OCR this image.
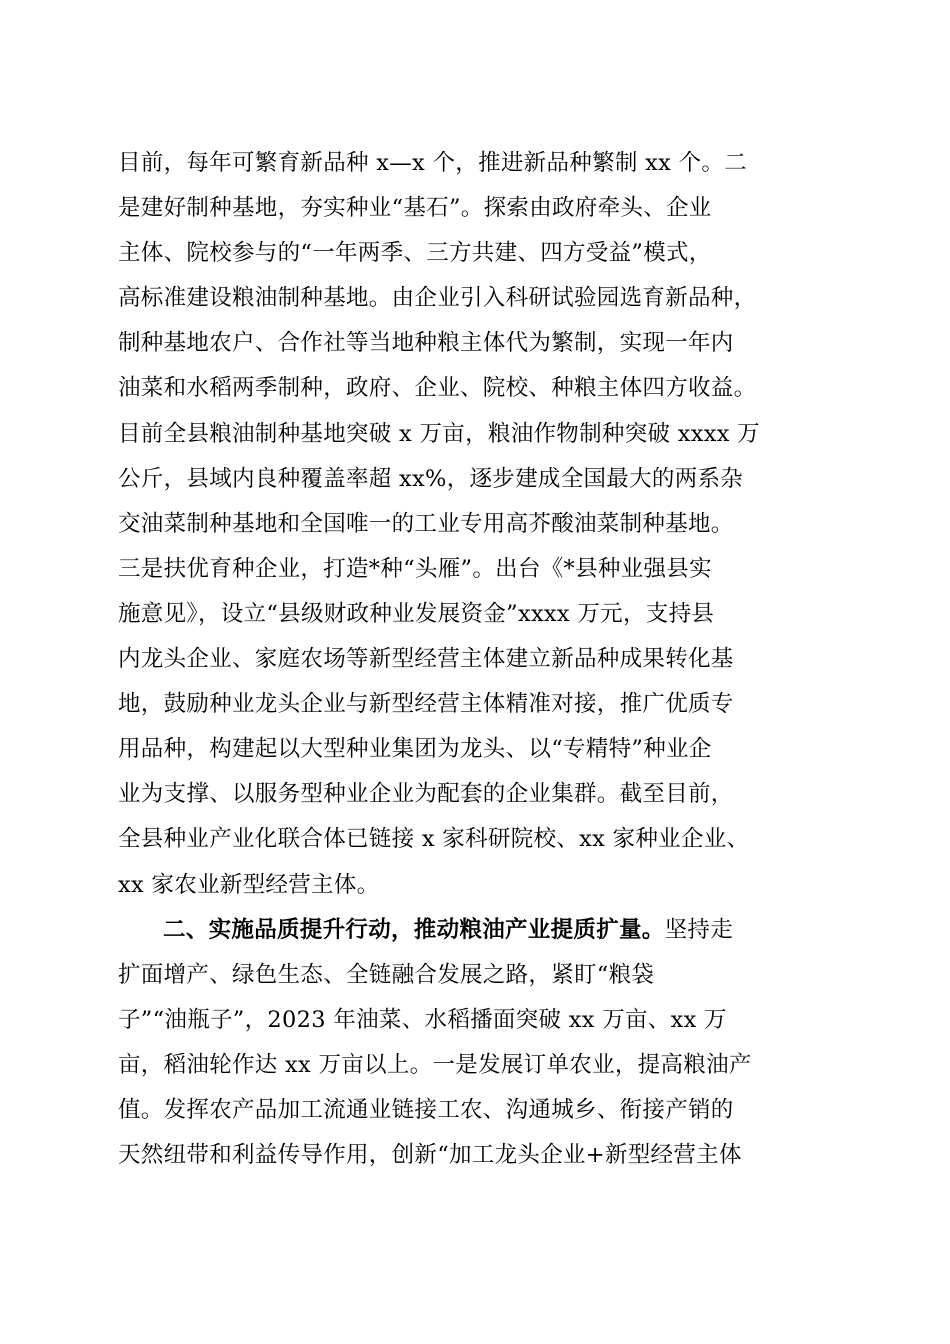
目前，每年可繁育新品种 x—x 个，推进新品种繁制 xx 个。二
是建好制种基地，夯实种业“基石”。探索由政府牵头、企业
主体、院校参与的“一年两季、三方共建、四方受益”模式，
高标准建设粮油制种基地。由企业引入科研试验园选育新品种，
制种基地农户、合作社等当地种粮主体代为繁制，实现一年内
油菜和水稻两季制种，政府、企业、院校、种粮主体四方收益。
目前全县粮油制种基地突破 x 万亩，粮油作物制种突破 xxxx 万
公斤，县域内良种覆盖率超 xx%，逐步建成全国最大的两系杂
交油菜制种基地和全国唯一的工业专用高芥酸油菜制种基地。
三是扶优育种企业，打造*种“头雁”。出台《*县种业强县实
施意见》，设立“县级财政种业发展资金”xxxx 万元，支持县
内龙头企业、家庭农场等新型经营主体建立新品种成果转化基
地，鼓励种业龙头企业与新型经营主体精准对接，推广优质专
用品种，构建起以大型种业集团为龙头、以“专精特”种业企
业为支撑、以服务型种业企业为配套的企业集群。截至目前，
全县种业产业化联合体已链接 x 家科研院校、xx 家种业企业、
xx 家农业新型经营主体。
二、实施品质提升行动，推动粮油产业提质扩量。坚持走
扩面增产、绿色生态、全链融合发展之路，紧盯“粮袋
子”“油瓶子”，2023 年油菜、水稻播面突破 xx 万亩、xx 万
亩，稻油轮作达 xx 万亩以上。一是发展订单农业，提高粮油产
值。发挥农产品加工流通业链接工农、沟通城乡、衔接产销的
天然纽带和利益传导作用，创新“加工龙头企业+新型经营主体
